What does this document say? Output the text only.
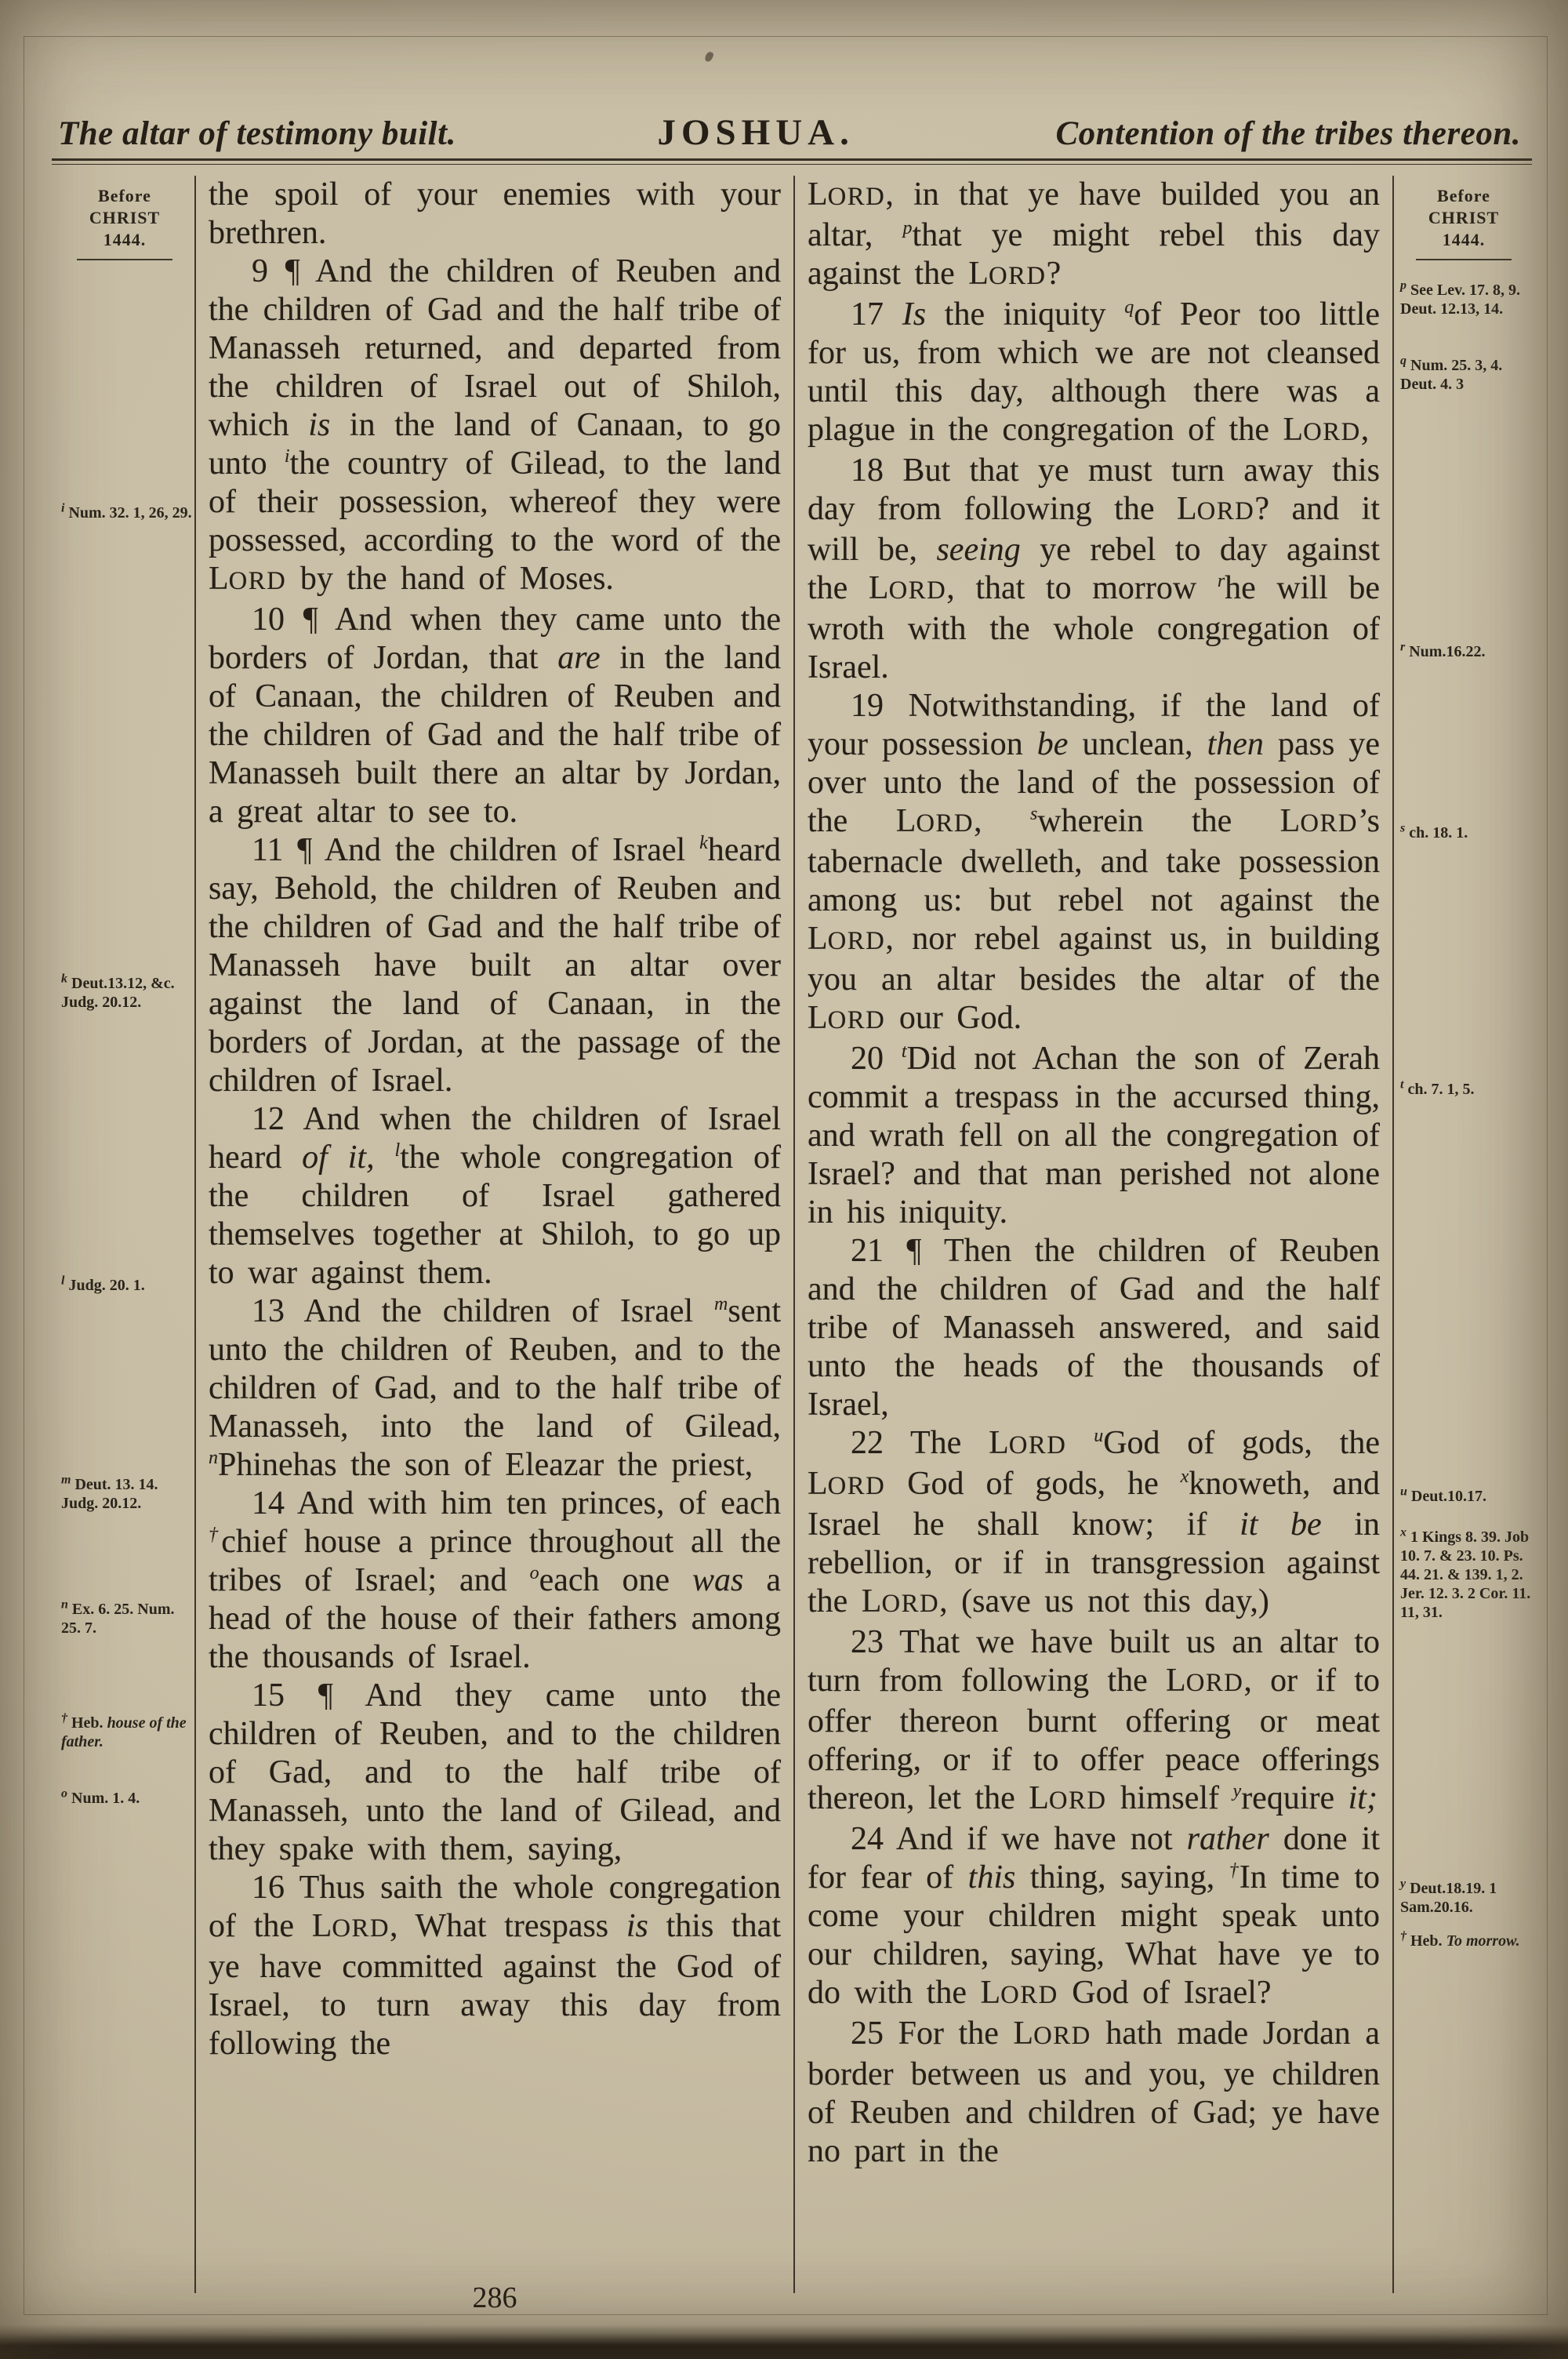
The altar of testimony built.	JOSHUA.	Contention of the tribes thereon.
Before
CHRIST
1444.
$^i$ Num. 32. 1, 26, 29.
$^k$ Deut.13.12, &c. Judg. 20.12.
$^l$ Judg. 20. 1.
$^m$ Deut. 13. 14. Judg. 20.12.
$^n$ Ex. 6. 25. Num. 25. 7.
† Heb. house of the father.
$^o$ Num. 1. 4.

the spoil of your enemies with your brethren.

9 ¶ And the children of Reuben and the children of Gad and the half tribe of Manasseh returned, and departed from the children of Israel out of Shiloh, which is in the land of Canaan, to go unto $^i$the country of Gilead, to the land of their possession, whereof they were possessed, according to the word of the LORD by the hand of Moses.

10 ¶ And when they came unto the borders of Jordan, that are in the land of Canaan, the children of Reuben and the children of Gad and the half tribe of Manasseh built there an altar by Jordan, a great altar to see to.

11 ¶ And the children of Israel $^k$heard say, Behold, the children of Reuben and the children of Gad and the half tribe of Manasseh have built an altar over against the land of Canaan, in the borders of Jordan, at the passage of the children of Israel.

12 And when the children of Israel heard of it, $^l$the whole congregation of the children of Israel gathered themselves together at Shiloh, to go up to war against them.

13 And the children of Israel $^m$sent unto the children of Reuben, and to the children of Gad, and to the half tribe of Manasseh, into the land of Gilead, $^n$Phinehas the son of Eleazar the priest,

14 And with him ten princes, of each †chief house a prince throughout all the tribes of Israel; and $^o$each one was a head of the house of their fathers among the thousands of Israel.

15 ¶ And they came unto the children of Reuben, and to the children of Gad, and to the half tribe of Manasseh, unto the land of Gilead, and they spake with them, saying,

16 Thus saith the whole congregation of the LORD, What trespass is this that ye have committed against the God of Israel, to turn away this day from following the

LORD, in that ye have builded you an altar, $^p$that ye might rebel this day against the LORD?

17 Is the iniquity $^q$of Peor too little for us, from which we are not cleansed until this day, although there was a plague in the congregation of the LORD,

18 But that ye must turn away this day from following the LORD? and it will be, seeing ye rebel to day against the LORD, that to morrow $^r$he will be wroth with the whole congregation of Israel.

19 Notwithstanding, if the land of your possession be unclean, then pass ye over unto the land of the possession of the LORD, $^s$wherein the LORD’s tabernacle dwelleth, and take possession among us: but rebel not against the LORD, nor rebel against us, in building you an altar besides the altar of the LORD our God.

20 $^t$Did not Achan the son of Zerah commit a trespass in the accursed thing, and wrath fell on all the congregation of Israel? and that man perished not alone in his iniquity.

21 ¶ Then the children of Reuben and the children of Gad and the half tribe of Manasseh answered, and said unto the heads of the thousands of Israel,

22 The LORD $^u$God of gods, the LORD God of gods, he $^x$knoweth, and Israel he shall know; if it be in rebellion, or if in transgression against the LORD, (save us not this day,)

23 That we have built us an altar to turn from following the LORD, or if to offer thereon burnt offering or meat offering, or if to offer peace offerings thereon, let the LORD himself $^y$require it;

24 And if we have not rather done it for fear of this thing, saying, †In time to come your children might speak unto our children, saying, What have ye to do with the LORD God of Israel?

25 For the LORD hath made Jordan a border between us and you, ye children of Reuben and children of Gad; ye have no part in the

Before
CHRIST
1444.
$^p$ See Lev. 17. 8, 9. Deut. 12.13, 14.
$^q$ Num. 25. 3, 4. Deut. 4. 3
$^r$ Num.16.22.
$^s$ ch. 18. 1.
$^t$ ch. 7. 1, 5.
$^u$ Deut.10.17.
$^x$ 1 Kings 8. 39. Job 10. 7. & 23. 10. Ps. 44. 21. & 139. 1, 2. Jer. 12. 3. 2 Cor. 11. 11, 31.
$^y$ Deut.18.19. 1 Sam.20.16.
† Heb. To morrow.
286
